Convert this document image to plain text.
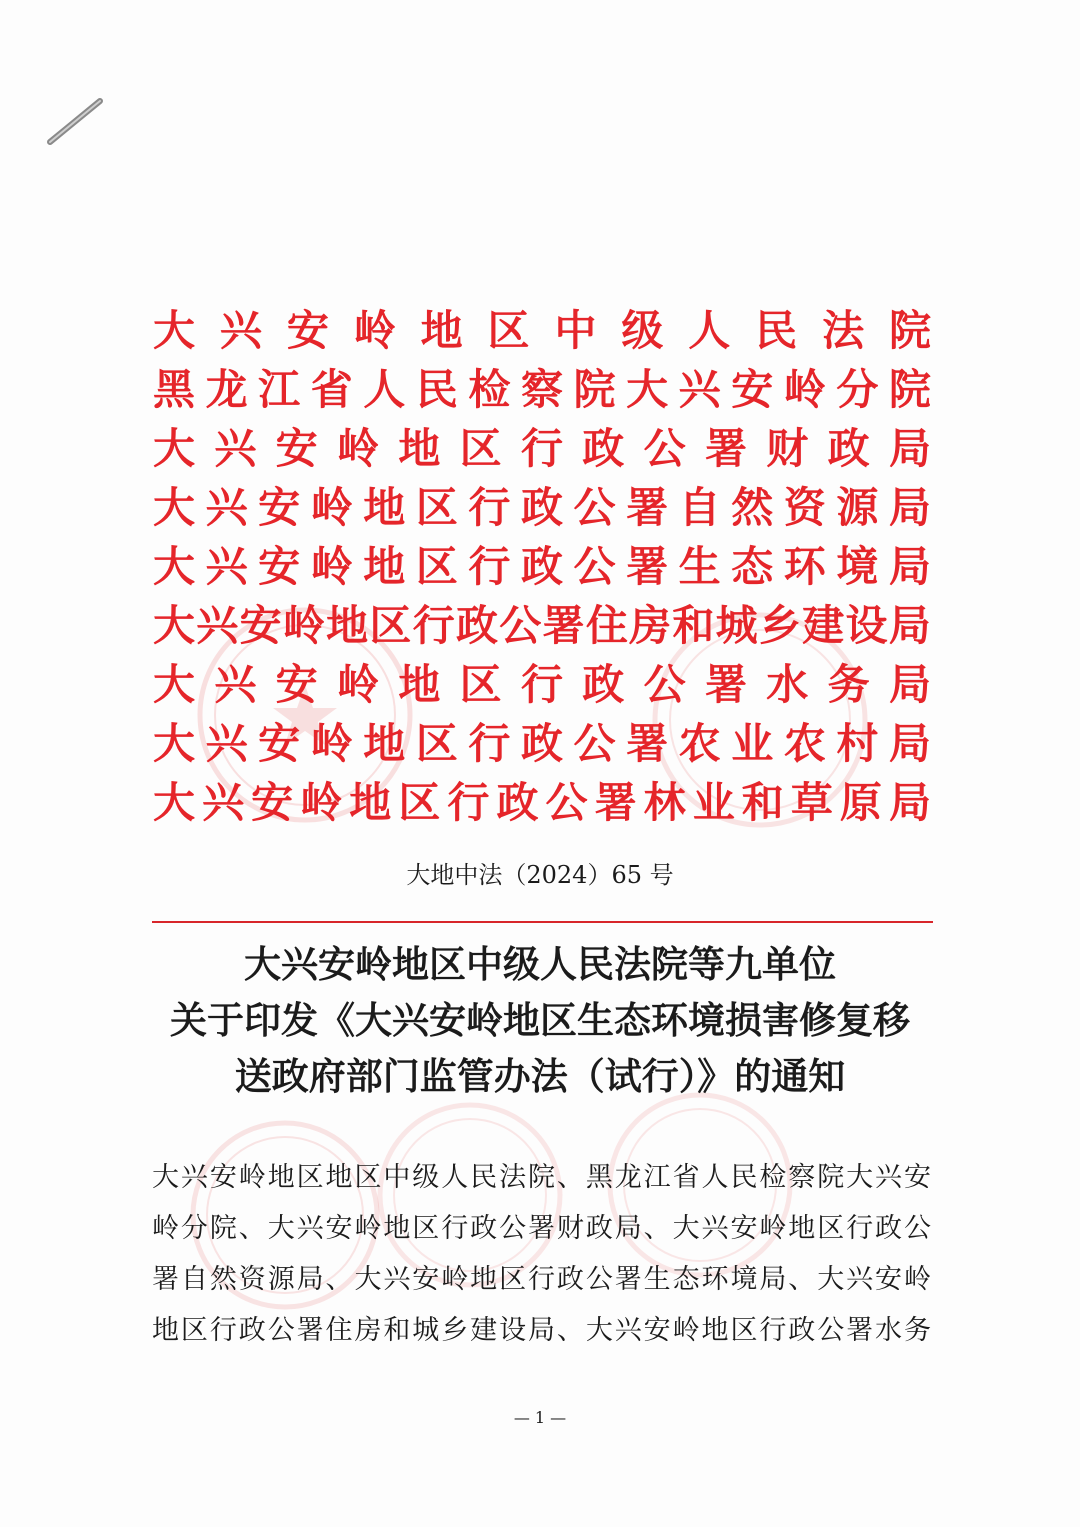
大 兴 安 岭 地 区 中 级 人 民 法 院
黑 龙 江 省 人 民 检 察 院 大 兴 安 岭 分 院
大 兴 安 岭 地 区 行 政 公 署 财 政 局
大 兴 安 岭 地 区 行 政 公 署 自 然 资 源 局
大 兴 安 岭 地 区 行 政 公 署 生 态 环 境 局
大 兴 安 岭 地 区 行 政 公 署 住 房 和 城 乡 建 设 局
大 兴 安 岭 地 区 行 政 公 署 水 务 局
大 兴 安 岭 地 区 行 政 公 署 农 业 农 村 局
大 兴 安 岭 地 区 行 政 公 署 林 业 和 草 原 局
大地中法（2024）65 号
大兴安岭地区中级人民法院等九单位
关于印发《大兴安岭地区生态环境损害修复移
送政府部门监管办法（试行）》的通知
大 兴 安 岭 地 区 地 区 中 级 人 民 法 院 、 黑 龙 江 省 人 民 检 察 院 大 兴 安
岭 分 院 、 大 兴 安 岭 地 区 行 政 公 署 财 政 局 、 大 兴 安 岭 地 区 行 政 公
署 自 然 资 源 局 、 大 兴 安 岭 地 区 行 政 公 署 生 态 环 境 局 、 大 兴 安 岭
地 区 行 政 公 署 住 房 和 城 乡 建 设 局 、 大 兴 安 岭 地 区 行 政 公 署 水 务
— 1 —
